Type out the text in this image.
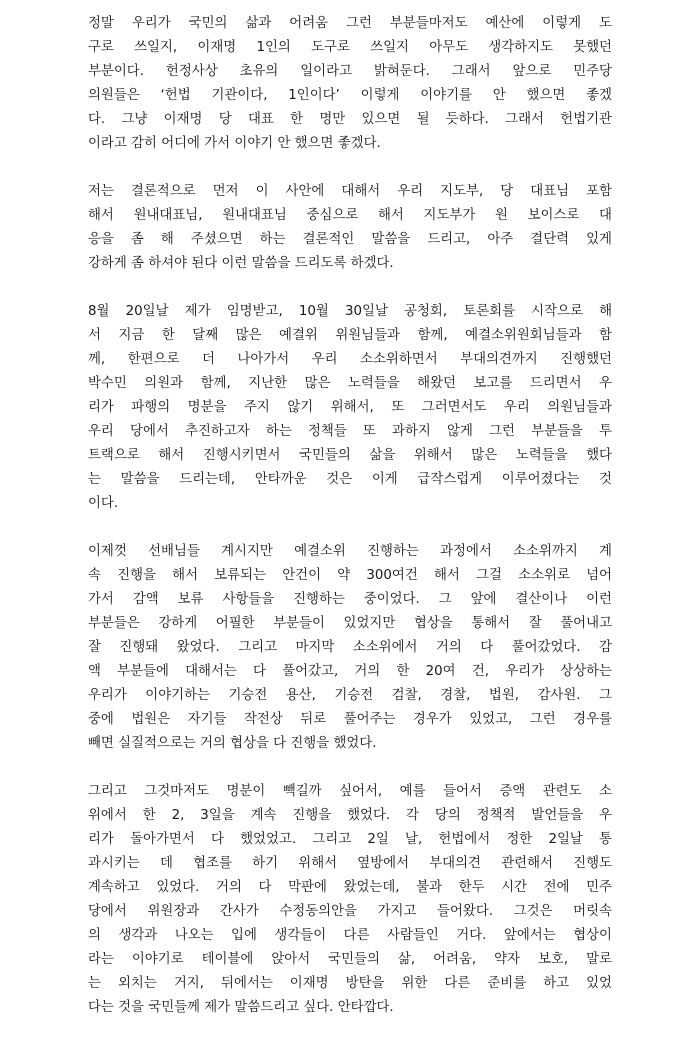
정말 우리가 국민의 삶과 어려움 그런 부분들마저도 예산에 이렇게 도
구로 쓰일지, 이재명 1인의 도구로 쓰일지 아무도 생각하지도 못했던
부분이다. 헌정사상 초유의 일이라고 밝혀둔다. 그래서 앞으로 민주당
의원들은 ‘헌법 기관이다, 1인이다’ 이렇게 이야기를 안 했으면 좋겠
다. 그냥 이재명 당 대표 한 명만 있으면 될 듯하다. 그래서 헌법기관
이라고 감히 어디에 가서 이야기 안 했으면 좋겠다.
저는 결론적으로 먼저 이 사안에 대해서 우리 지도부, 당 대표님 포함
해서 원내대표님, 원내대표님 중심으로 해서 지도부가 원 보이스로 대
응을 좀 해 주셨으면 하는 결론적인 말씀을 드리고, 아주 결단력 있게
강하게 좀 하셔야 된다 이런 말씀을 드리도록 하겠다.
8월 20일날 제가 임명받고, 10월 30일날 공청회, 토론회를 시작으로 해
서 지금 한 달째 많은 예결위 위원님들과 함께, 예결소위원회님들과 함
께, 한편으로 더 나아가서 우리 소소위하면서 부대의견까지 진행했던
박수민 의원과 함께, 지난한 많은 노력들을 해왔던 보고를 드리면서 우
리가 파행의 명분을 주지 않기 위해서, 또 그러면서도 우리 의원님들과
우리 당에서 추진하고자 하는 정책들 또 과하지 않게 그런 부분들을 투
트랙으로 해서 진행시키면서 국민들의 삶을 위해서 많은 노력들을 했다
는 말씀을 드리는데, 안타까운 것은 이게 급작스럽게 이루어졌다는 것
이다.
이제껏 선배님들 계시지만 예결소위 진행하는 과정에서 소소위까지 계
속 진행을 해서 보류되는 안건이 약 300여건 해서 그걸 소소위로 넘어
가서 감액 보류 사항들을 진행하는 중이었다. 그 앞에 결산이나 이런
부분들은 강하게 어필한 부분들이 있었지만 협상을 통해서 잘 풀어내고
잘 진행돼 왔었다. 그리고 마지막 소소위에서 거의 다 풀어갔었다. 감
액 부분들에 대해서는 다 풀어갔고, 거의 한 20여 건, 우리가 상상하는
우리가 이야기하는 기승전 용산, 기승전 검찰, 경찰, 법원, 감사원. 그
중에 법원은 자기들 작전상 뒤로 풀어주는 경우가 있었고, 그런 경우를
빼면 실질적으로는 거의 협상을 다 진행을 했었다.
그리고 그것마저도 명분이 빽길까 싶어서, 예를 들어서 증액 관련도 소
위에서 한 2, 3일을 계속 진행을 했었다. 각 당의 정책적 발언들을 우
리가 돌아가면서 다 했었었고. 그리고 2일 날, 헌법에서 정한 2일날 통
과시키는 데 협조를 하기 위해서 옆방에서 부대의견 관련해서 진행도
계속하고 있었다. 거의 다 막판에 왔었는데, 불과 한두 시간 전에 민주
당에서 위원장과 간사가 수정동의안을 가지고 들어왔다. 그것은 머릿속
의 생각과 나오는 입에 생각들이 다른 사람들인 거다. 앞에서는 협상이
라는 이야기로 테이블에 앉아서 국민들의 삶, 어려움, 약자 보호, 말로
는 외치는 거지, 뒤에서는 이재명 방탄을 위한 다른 준비를 하고 있었
다는 것을 국민들께 제가 말씀드리고 싶다. 안타깝다.
